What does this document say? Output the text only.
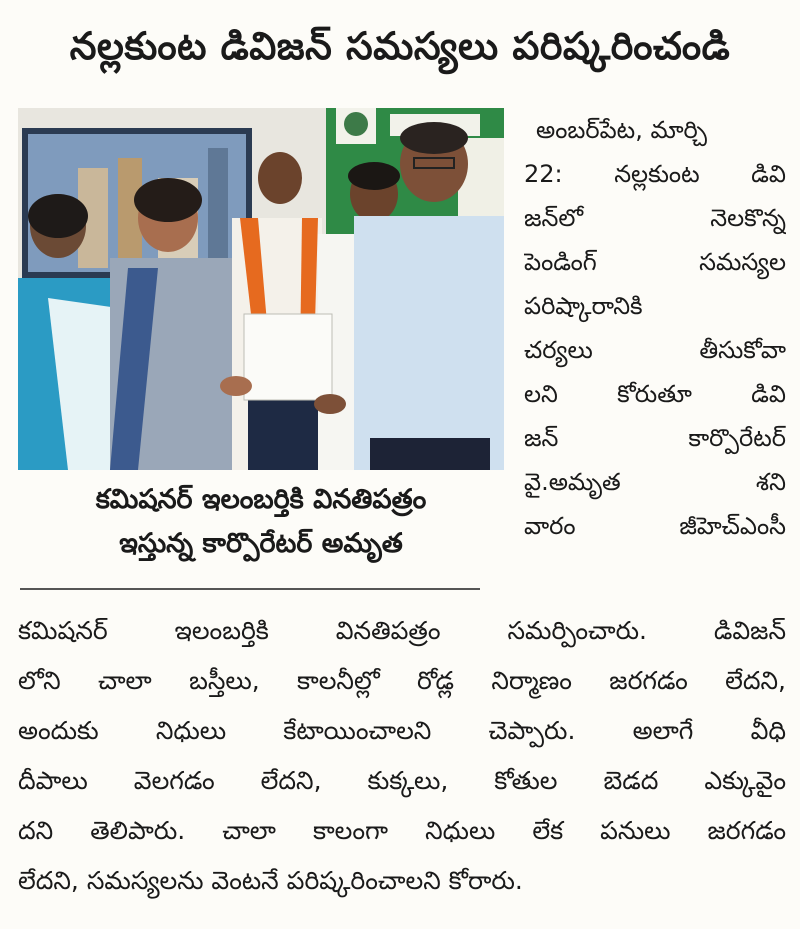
నల్లకుంట డివిజన్ సమస్యలు పరిష్కరించండి
కమిషనర్ ఇలంబర్తికి వినతిపత్రం
ఇస్తున్న కార్పొరేటర్ అమృత
అంబర్‌పేట, మార్చి
22: నల్లకుంట డివి
జన్‌లో నెలకొన్న
పెండింగ్ సమస్యల
పరిష్కారానికి
చర్యలు తీసుకోవా
లని కోరుతూ డివి
జన్ కార్పొరేటర్
వై.అమృత శని
వారం జీహెచ్ఎంసీ
కమిషనర్ ఇలంబర్తికి వినతిపత్రం సమర్పించారు. డివిజన్
లోని చాలా బస్తీలు, కాలనీల్లో రోడ్ల నిర్మాణం జరగడం లేదని,
అందుకు నిధులు కేటాయించాలని చెప్పారు. అలాగే వీధి
దీపాలు వెలగడం లేదని, కుక్కలు, కోతుల బెడద ఎక్కువైం
దని తెలిపారు. చాలా కాలంగా నిధులు లేక పనులు జరగడం
లేదని, సమస్యలను వెంటనే పరిష్కరించాలని కోరారు.
